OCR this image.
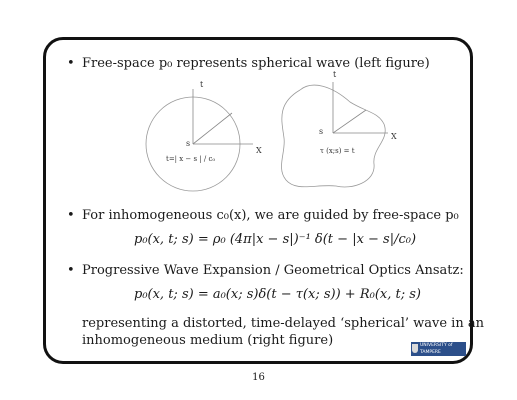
t
s
X
t=| x − s | / c₀
t
s
X
τ (x;s) = t
• Free-space p₀ represents spherical wave (left figure)
• For inhomogeneous c₀(x), we are guided by free-space p₀
p₀(x, t; s) = ρ₀ (4π|x − s|)⁻¹ δ(t − |x − s|/c₀)
• Progressive Wave Expansion / Geometrical Optics Ansatz:
p₀(x, t; s) = a₀(x; s)δ(t − τ(x; s)) + R₀(x, t; s)
representing a distorted, time-delayed ‘spherical’ wave in an
inhomogeneous medium (right figure)	UNIVERSITY of TAMPERE
16
